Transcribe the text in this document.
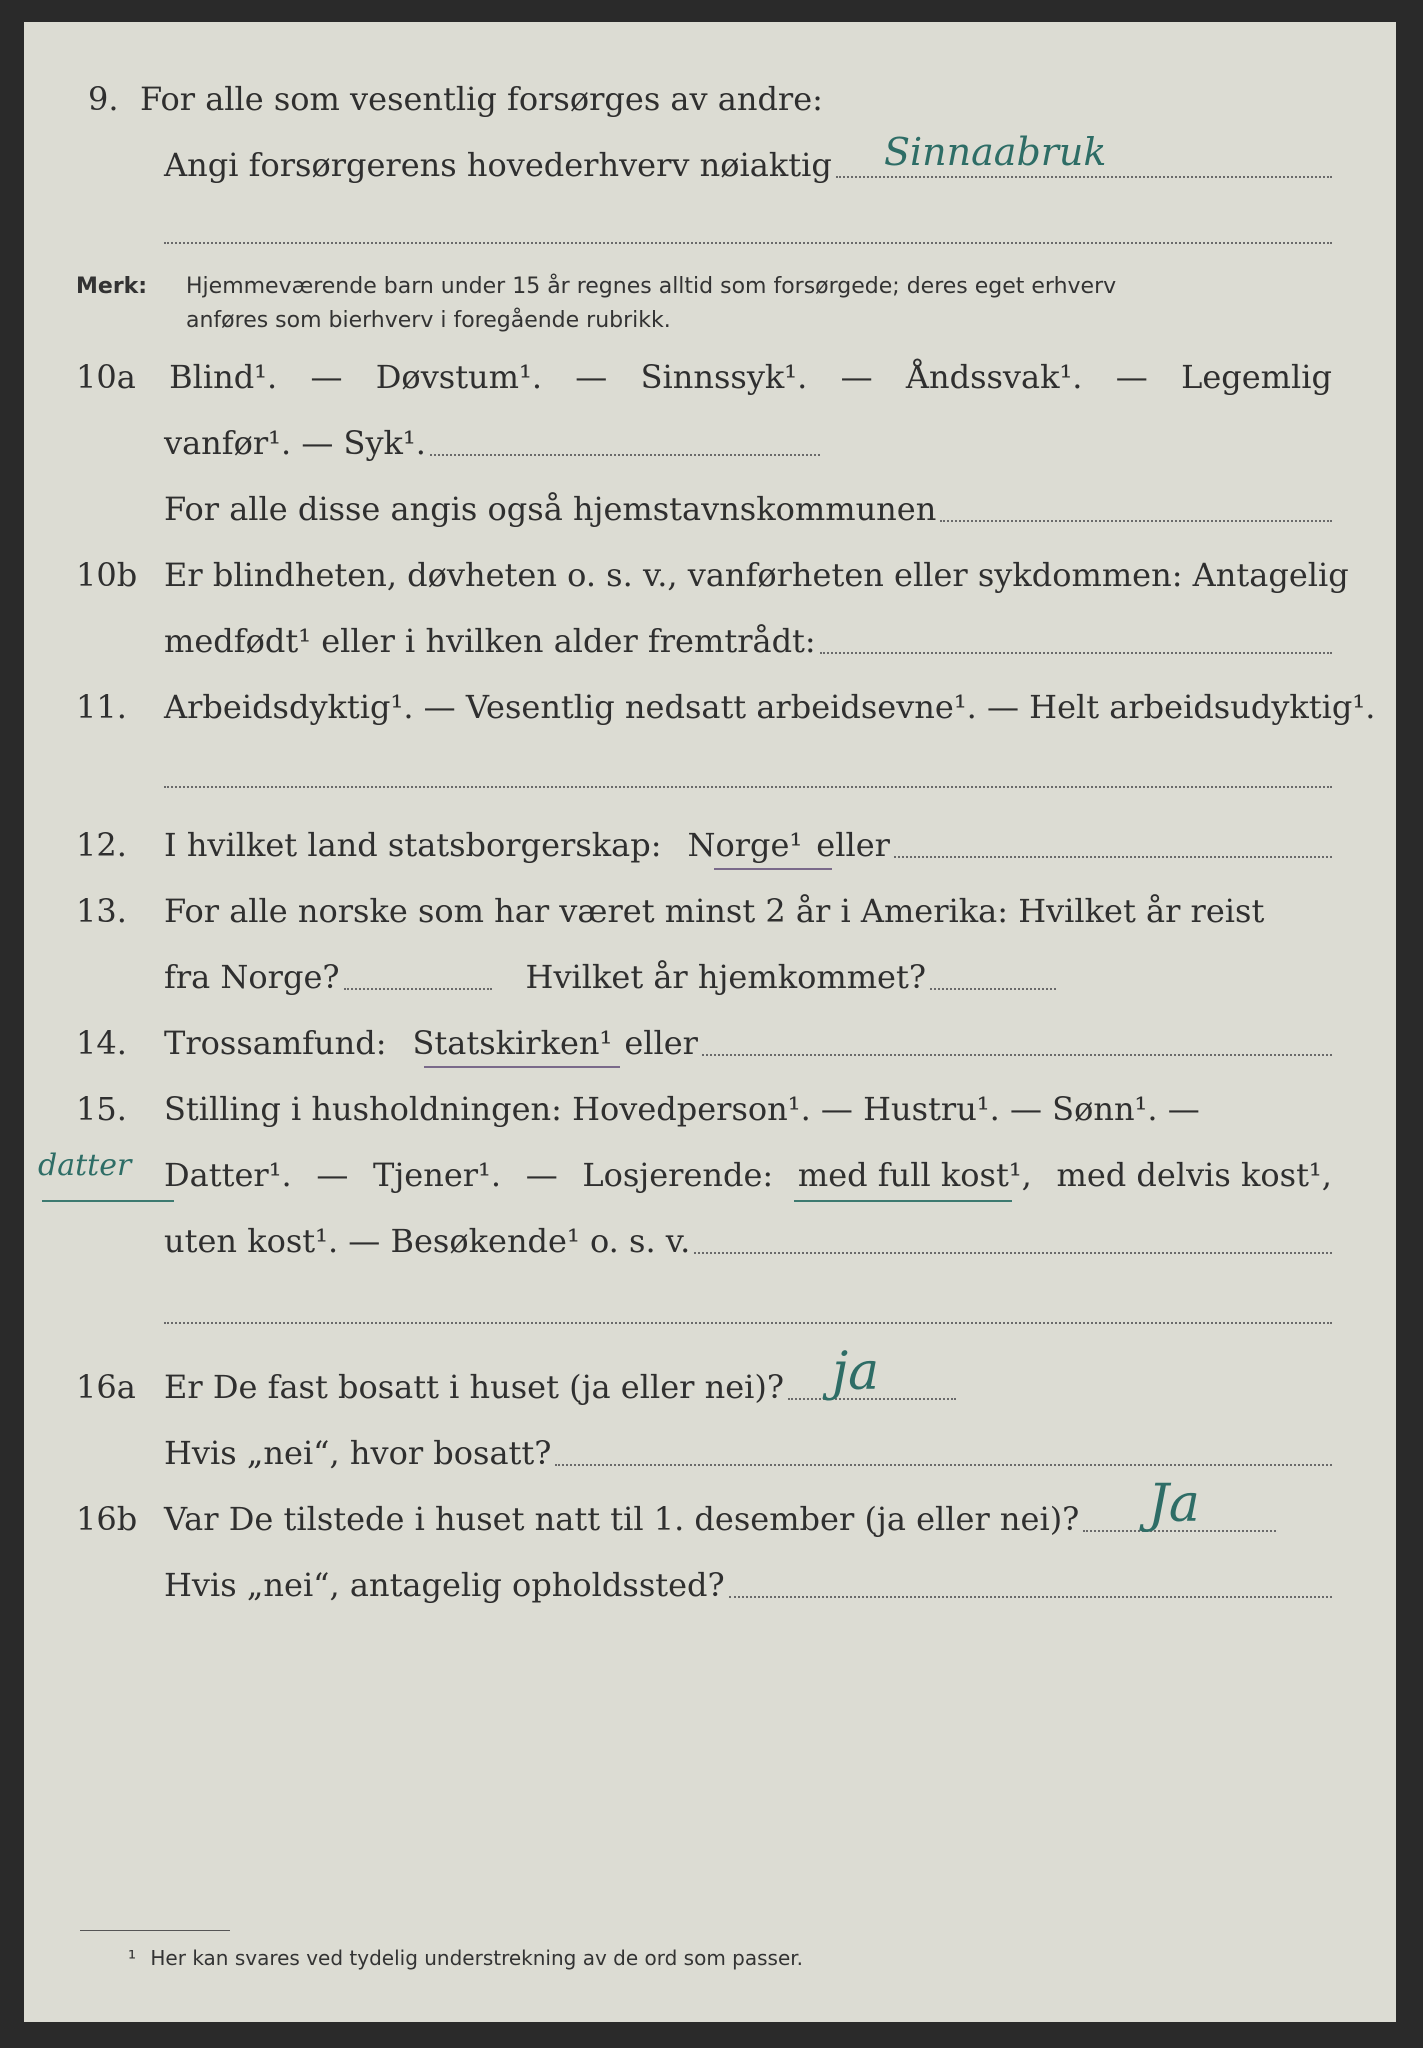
9. For alle som vesentlig forsørges av andre:
Angi forsørgerens hovederhverv nøiaktig Sinnaabruk
Merk: Hjemmeværende barn under 15 år regnes alltid som forsørgede; deres eget erhverv
anføres som bierhverv i foregående rubrikk.
10a Blind¹. — Døvstum¹. — Sinnssyk¹. — Åndssvak¹. — Legemlig
vanfør¹. — Syk¹.
For alle disse angis også hjemstavnskommunen
10b Er blindheten, døvheten o. s. v., vanførheten eller sykdommen: Antagelig
medfødt¹ eller i hvilken alder fremtrådt:
11.	Arbeidsdyktig¹. — Vesentlig nedsatt arbeidsevne¹. — Helt arbeidsudyktig¹.
12.	I hvilket land statsborgerskap: Norge¹ eller
13.	For alle norske som har været minst 2 år i Amerika: Hvilket år reist
fra Norge?	Hvilket år hjemkommet?
14.	Trossamfund: Statskirken¹ eller
15.	Stilling i husholdningen: Hovedperson¹. — Hustru¹. — Sønn¹. —
Datter¹. — Tjener¹. — Losjerende: med full kost¹, med delvis kost¹,
datter
uten kost¹. — Besøkende¹ o. s. v.
16a Er De fast bosatt i huset (ja eller nei)? ja
Hvis „nei“, hvor bosatt?
16b Var De tilstede i huset natt til 1. desember (ja eller nei)? Ja
Hvis „nei“, antagelig opholdssted?
¹ Her kan svares ved tydelig understrekning av de ord som passer.
